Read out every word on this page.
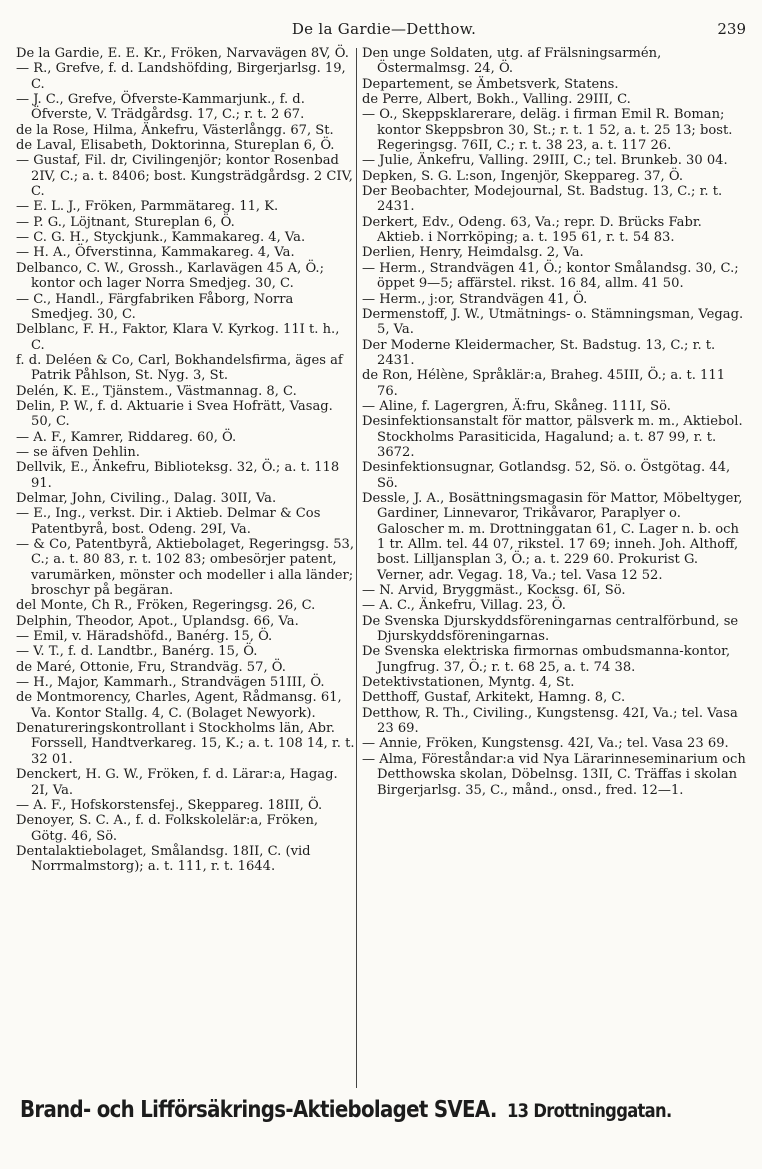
De la Gardie—Detthow.	239

De la Gardie, E. E. Kr., Fröken, Narvavägen 8V, Ö.

— R., Grefve, f. d. Landshöfding, Birgerjarlsg. 19, C.

— J. C., Grefve, Öfverste-Kammarjunk., f. d. Öfverste, V. Trädgårdsg. 17, C.; r. t. 2 67.

de la Rose, Hilma, Änkefru, Västerlångg. 67, St.

de Laval, Elisabeth, Doktorinna, Stureplan 6, Ö.

— Gustaf, Fil. dr, Civilingenjör; kontor Rosenbad 2IV, C.; a. t. 8406; bost. Kungsträdgårdsg. 2 CIV, C.

— E. L. J., Fröken, Parmmätareg. 11, K.

— P. G., Löjtnant, Stureplan 6, Ö.

— C. G. H., Styckjunk., Kammakareg. 4, Va.

— H. A., Öfverstinna, Kammakareg. 4, Va.

Delbanco, C. W., Grossh., Karlavägen 45 A, Ö.; kontor och lager Norra Smedjeg. 30, C.

— C., Handl., Färgfabriken Fåborg, Norra Smedjeg. 30, C.

Delblanc, F. H., Faktor, Klara V. Kyrkog. 11I t. h., C.

f. d. Deléen & Co, Carl, Bokhandelsfirma, äges af Patrik Påhlson, St. Nyg. 3, St.

Delén, K. E., Tjänstem., Västmannag. 8, C.

Delin, P. W., f. d. Aktuarie i Svea Hofrätt, Vasag. 50, C.

— A. F., Kamrer, Riddareg. 60, Ö.

— se äfven Dehlin.

Dellvik, E., Änkefru, Biblioteksg. 32, Ö.; a. t. 118 91.

Delmar, John, Civiling., Dalag. 30II, Va.

— E., Ing., verkst. Dir. i Aktieb. Delmar & Cos Patentbyrå, bost. Odeng. 29I, Va.

— & Co, Patentbyrå, Aktiebolaget, Regeringsg. 53, C.; a. t. 80 83, r. t. 102 83; ombesörjer patent, varumärken, mönster och modeller i alla länder; broschyr på begäran.

del Monte, Ch R., Fröken, Regeringsg. 26, C.

Delphin, Theodor, Apot., Uplandsg. 66, Va.

— Emil, v. Häradshöfd., Banérg. 15, Ö.

— V. T., f. d. Landtbr., Banérg. 15, Ö.

de Maré, Ottonie, Fru, Strandväg. 57, Ö.

— H., Major, Kammarh., Strandvägen 51III, Ö.

de Montmorency, Charles, Agent, Rådmansg. 61, Va. Kontor Stallg. 4, C. (Bolaget Newyork).

Denatureringskontrollant i Stockholms län, Abr. Forssell, Handtverkareg. 15, K.; a. t. 108 14, r. t. 32 01.

Denckert, H. G. W., Fröken, f. d. Lärar:a, Hagag. 2I, Va.

— A. F., Hofskorstensfej., Skeppareg. 18III, Ö.

Denoyer, S. C. A., f. d. Folkskolelär:a, Fröken, Götg. 46, Sö.

Dentalaktiebolaget, Smålandsg. 18II, C. (vid Norrmalmstorg); a. t. 111, r. t. 1644.

Den unge Soldaten, utg. af Frälsningsarmén, Östermalmsg. 24, Ö.

Departement, se Ämbetsverk, Statens.

de Perre, Albert, Bokh., Valling. 29III, C.

— O., Skeppsklarerare, deläg. i firman Emil R. Boman; kontor Skeppsbron 30, St.; r. t. 1 52, a. t. 25 13; bost. Regeringsg. 76II, C.; r. t. 38 23, a. t. 117 26.

— Julie, Änkefru, Valling. 29III, C.; tel. Brunkeb. 30 04.

Depken, S. G. L:son, Ingenjör, Skeppareg. 37, Ö.

Der Beobachter, Modejournal, St. Badstug. 13, C.; r. t. 2431.

Derkert, Edv., Odeng. 63, Va.; repr. D. Brücks Fabr. Aktieb. i Norrköping; a. t. 195 61, r. t. 54 83.

Derlien, Henry, Heimdalsg. 2, Va.

— Herm., Strandvägen 41, Ö.; kontor Smålandsg. 30, C.; öppet 9—5; affärstel. rikst. 16 84, allm. 41 50.

— Herm., j:or, Strandvägen 41, Ö.

Dermenstoff, J. W., Utmätnings- o. Stämningsman, Vegag. 5, Va.

Der Moderne Kleidermacher, St. Badstug. 13, C.; r. t. 2431.

de Ron, Hélène, Språklär:a, Braheg. 45III, Ö.; a. t. 111 76.

— Aline, f. Lagergren, Ä:fru, Skåneg. 111I, Sö.

Desinfektionsanstalt för mattor, pälsverk m. m., Aktiebol. Stockholms Parasiticida, Hagalund; a. t. 87 99, r. t. 3672.

Desinfektionsugnar, Gotlandsg. 52, Sö. o. Östgötag. 44, Sö.

Dessle, J. A., Bosättningsmagasin för Mattor, Möbeltyger, Gardiner, Linnevaror, Trikåvaror, Paraplyer o. Galoscher m. m. Drottninggatan 61, C. Lager n. b. och 1 tr. Allm. tel. 44 07, rikstel. 17 69; inneh. Joh. Althoff, bost. Lilljansplan 3, Ö.; a. t. 229 60. Prokurist G. Verner, adr. Vegag. 18, Va.; tel. Vasa 12 52.

— N. Arvid, Bryggmäst., Kocksg. 6I, Sö.

— A. C., Änkefru, Villag. 23, Ö.

De Svenska Djurskyddsföreningarnas centralförbund, se Djurskyddsföreningarnas.

De Svenska elektriska firmornas ombudsmanna-kontor, Jungfrug. 37, Ö.; r. t. 68 25, a. t. 74 38.

Detektivstationen, Myntg. 4, St.

Detthoff, Gustaf, Arkitekt, Hamng. 8, C.

Detthow, R. Th., Civiling., Kungstensg. 42I, Va.; tel. Vasa 23 69.

— Annie, Fröken, Kungstensg. 42I, Va.; tel. Vasa 23 69.

— Alma, Föreståndar:a vid Nya Lärarinneseminarium och Detthowska skolan, Döbelnsg. 13II, C. Träffas i skolan Birgerjarlsg. 35, C., månd., onsd., fred. 12—1.

Brand- och Lifförsäkrings-Aktiebolaget SVEA. 13 Drottninggatan.
